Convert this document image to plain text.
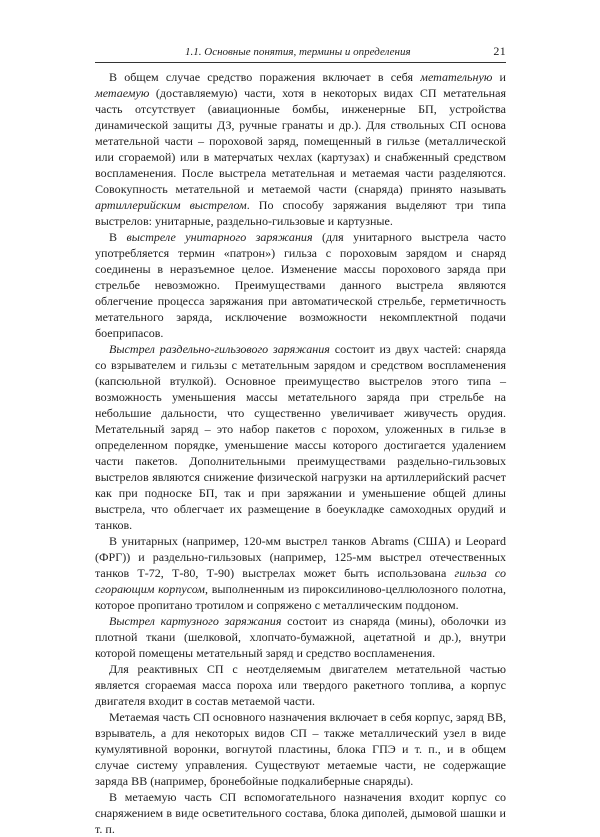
1.1. Основные понятия, термины и определения	21

В общем случае средство поражения включает в себя метательную и метаемую (доставляемую) части, хотя в некоторых видах СП метательная часть отсутствует (авиационные бомбы, инженерные БП, устройства динамической защиты ДЗ, ручные гранаты и др.). Для ствольных СП основа метательной части – пороховой заряд, помещенный в гильзе (металлической или сгораемой) или в матерчатых чехлах (картузах) и снабженный средством воспламенения. После выстрела метательная и метаемая части разделяются. Совокупность метательной и метаемой части (снаряда) принято называть артиллерийским выстрелом. По способу заряжания выделяют три типа выстрелов: унитарные, раздельно-гильзовые и картузные.

В выстреле унитарного заряжания (для унитарного выстрела часто употребляется термин «патрон») гильза с пороховым зарядом и снаряд соединены в неразъемное целое. Изменение массы порохового заряда при стрельбе невозможно. Преимуществами данного выстрела являются облегчение процесса заряжания при автоматической стрельбе, герметичность метательного заряда, исключение возможности некомплектной подачи боеприпасов.

Выстрел раздельно-гильзового заряжания состоит из двух частей: снаряда со взрывателем и гильзы с метательным зарядом и средством воспламенения (капсюльной втулкой). Основное преимущество выстрелов этого типа – возможность уменьшения массы метательного заряда при стрельбе на небольшие дальности, что существенно увеличивает живучесть орудия. Метательный заряд – это набор пакетов с порохом, уложенных в гильзе в определенном порядке, уменьшение массы которого достигается удалением части пакетов. Дополнительными преимуществами раздельно-гильзовых выстрелов являются снижение физической нагрузки на артиллерийский расчет как при подноске БП, так и при заряжании и уменьшение общей длины выстрела, что облегчает их размещение в боеукладке самоходных орудий и танков.

В унитарных (например, 120-мм выстрел танков Abrams (США) и Leopard (ФРГ)) и раздельно-гильзовых (например, 125-мм выстрел отечественных танков Т-72, Т-80, Т-90) выстрелах может быть использована гильза со сгорающим корпусом, выполненным из пироксилиново-целлюлозного полотна, которое пропитано тротилом и сопряжено с металлическим поддоном.

Выстрел картузного заряжания состоит из снаряда (мины), оболочки из плотной ткани (шелковой, хлопчато-бумажной, ацетатной и др.), внутри которой помещены метательный заряд и средство воспламенения.

Для реактивных СП с неотделяемым двигателем метательной частью является сгораемая масса пороха или твердого ракетного топлива, а корпус двигателя входит в состав метаемой части.

Метаемая часть СП основного назначения включает в себя корпус, заряд ВВ, взрыватель, а для некоторых видов СП – также металлический узел в виде кумулятивной воронки, вогнутой пластины, блока ГПЭ и т. п., и в общем случае систему управления. Существуют метаемые части, не содержащие заряда ВВ (например, бронебойные подкалиберные снаряды).

В метаемую часть СП вспомогательного назначения входит корпус со снаряжением в виде осветительного состава, блока диполей, дымовой шашки и т. п.
